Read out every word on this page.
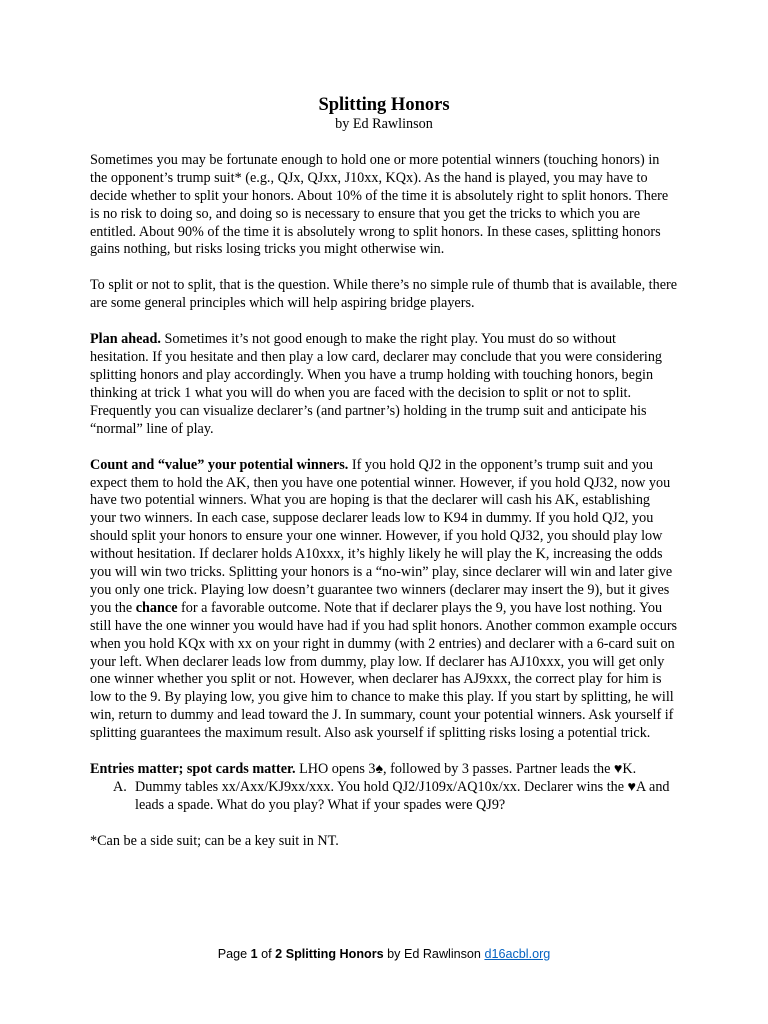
Splitting Honors
by Ed Rawlinson

Sometimes you may be fortunate enough to hold one or more potential winners (touching honors) in the opponent’s trump suit* (e.g., QJx, QJxx, J10xx, KQx). As the hand is played, you may have to decide whether to split your honors. About 10% of the time it is absolutely right to split honors. There is no risk to doing so, and doing so is necessary to ensure that you get the tricks to which you are entitled. About 90% of the time it is absolutely wrong to split honors. In these cases, splitting honors gains nothing, but risks losing tricks you might otherwise win.

To split or not to split, that is the question. While there’s no simple rule of thumb that is available, there are some general principles which will help aspiring bridge players.

Plan ahead. Sometimes it’s not good enough to make the right play. You must do so without hesitation. If you hesitate and then play a low card, declarer may conclude that you were considering splitting honors and play accordingly. When you have a trump holding with touching honors, begin thinking at trick 1 what you will do when you are faced with the decision to split or not to split. Frequently you can visualize declarer’s (and partner’s) holding in the trump suit and anticipate his “normal” line of play.

Count and “value” your potential winners. If you hold QJ2 in the opponent’s trump suit and you expect them to hold the AK, then you have one potential winner. However, if you hold QJ32, now you have two potential winners. What you are hoping is that the declarer will cash his AK, establishing your two winners. In each case, suppose declarer leads low to K94 in dummy. If you hold QJ2, you should split your honors to ensure your one winner. However, if you hold QJ32, you should play low without hesitation. If declarer holds A10xxx, it’s highly likely he will play the K, increasing the odds you will win two tricks. Splitting your honors is a “no-win” play, since declarer will win and later give you only one trick. Playing low doesn’t guarantee two winners (declarer may insert the 9), but it gives you the chance for a favorable outcome. Note that if declarer plays the 9, you have lost nothing. You still have the one winner you would have had if you had split honors. Another common example occurs when you hold KQx with xx on your right in dummy (with 2 entries) and declarer with a 6-card suit on your left. When declarer leads low from dummy, play low. If declarer has AJ10xxx, you will get only one winner whether you split or not. However, when declarer has AJ9xxx, the correct play for him is low to the 9. By playing low, you give him to chance to make this play. If you start by splitting, he will win, return to dummy and lead toward the J. In summary, count your potential winners. Ask yourself if splitting guarantees the maximum result. Also ask yourself if splitting risks losing a potential trick.

Entries matter; spot cards matter. LHO opens 3♠, followed by 3 passes. Partner leads the ♥K.

A. Dummy tables xx/Axx/KJ9xx/xxx. You hold QJ2/J109x/AQ10x/xx. Declarer wins the ♥A and leads a spade. What do you play? What if your spades were QJ9?

*Can be a side suit; can be a key suit in NT.

Page 1 of 2 Splitting Honors by Ed Rawlinson d16acbl.org
